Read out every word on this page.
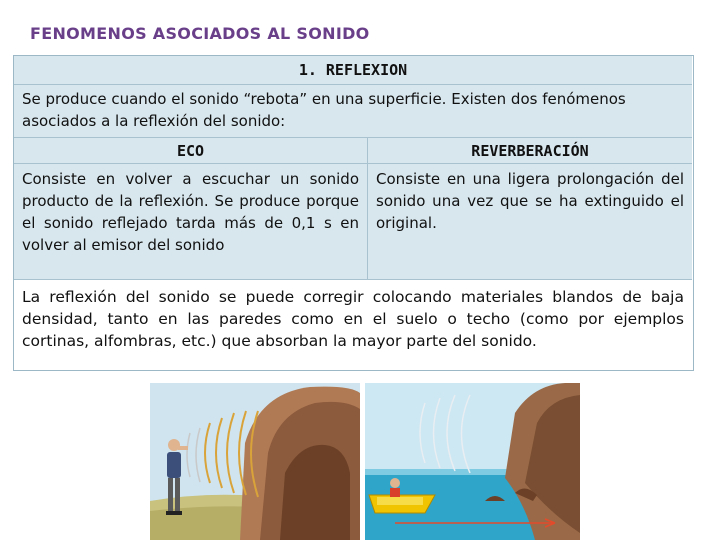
FENOMENOS ASOCIADOS AL SONIDO
1. REFLEXION
Se produce cuando el sonido “rebota” en una superficie. Existen dos fenómenos asociados a la reflexión del sonido:
ECO	REVERBERACIÓN
Consiste en volver a escuchar un sonido producto de la reflexión. Se produce porque el sonido reflejado tarda más de 0,1 s en volver al emisor del sonido
Consiste en una ligera prolongación del sonido una vez que se ha extinguido el original.
La reflexión del sonido se puede corregir colocando materiales blandos de baja densidad, tanto en las paredes como en el suelo o techo (como por ejemplos cortinas, alfombras, etc.) que absorban la mayor parte del sonido.
